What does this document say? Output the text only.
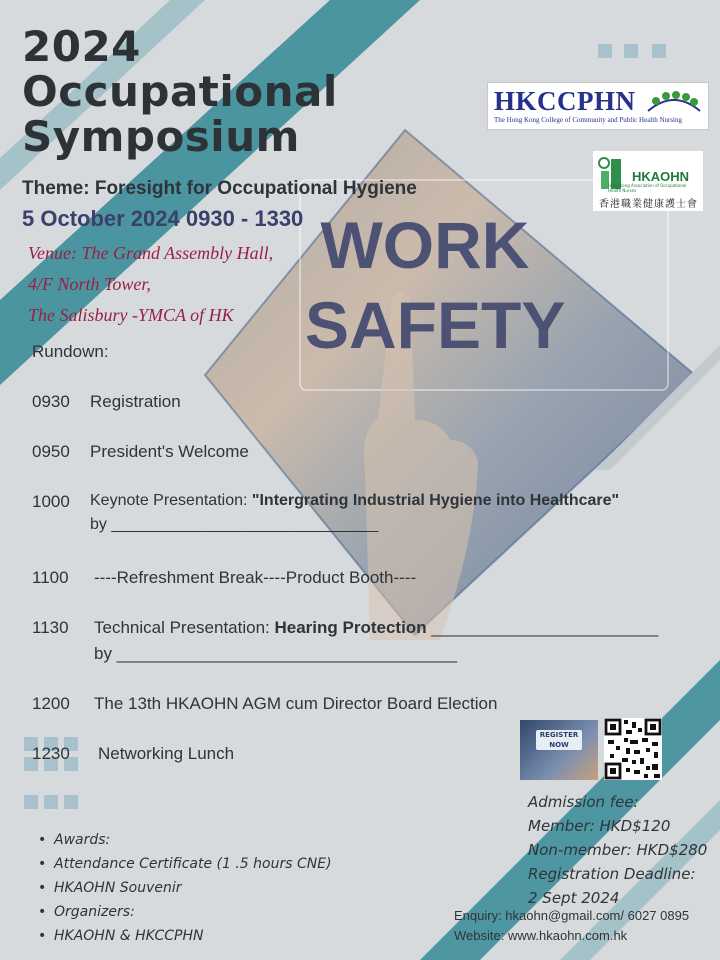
2024
Occupational
Symposium
Theme: Foresight for Occupational Hygiene
5 October 2024 0930 - 1330
Venue: The Grand Assembly Hall,
4/F North Tower,
The Salisbury -YMCA of HK
WORK
SAFETY
HKCCPHN
The Hong Kong College of Community and Public Health Nursing
HKAOHN
Hong Kong Association of Occupational Health Nurses
香港職業健康護士會
Rundown:
0930 Registration
0950 President's Welcome
1000 Keynote Presentation: "Intergrating Industrial Hygiene into Healthcare"
by ______________________________
1100 ----Refreshment Break----Product Booth----
1130 Technical Presentation: Hearing Protection ________________________
by ____________________________________
1200 The 13th HKAOHN AGM cum Director Board Election
1230 Networking Lunch
REGISTER NOW
Admission fee:
Member: HKD$120
Non-member: HKD$280
Registration Deadline:
2 Sept 2024
Enquiry: hkaohn@gmail.com/ 6027 0895
Website: www.hkaohn.com.hk
• Awards:
• Attendance Certificate (1 .5 hours CNE)
• HKAOHN Souvenir
• Organizers:
• HKAOHN & HKCCPHN
